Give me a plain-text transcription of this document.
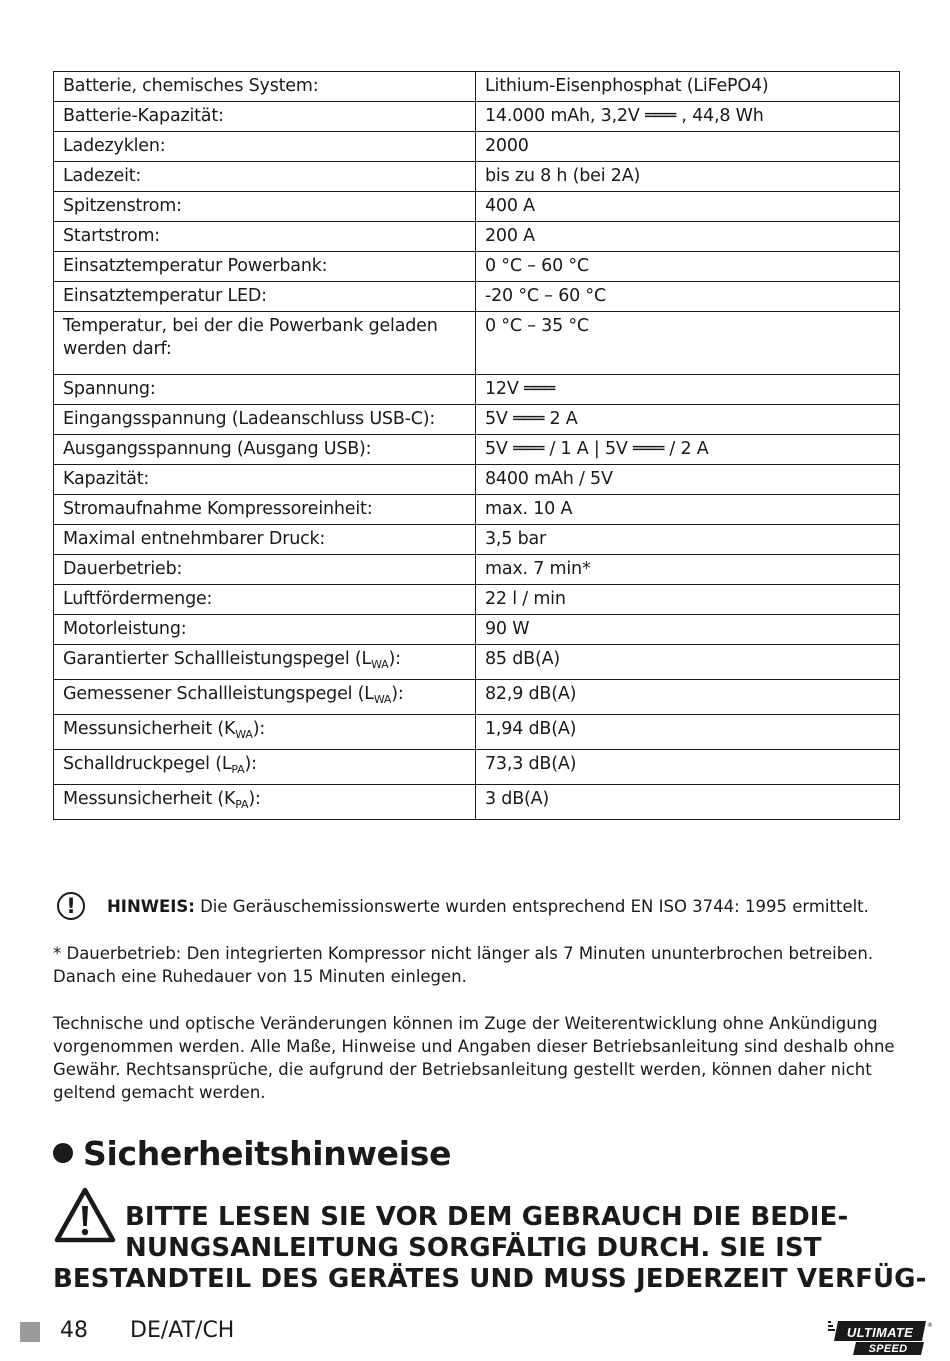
Batterie, chemisches System:	Lithium-Eisenphosphat (LiFePO4)
Batterie-Kapazität:	14.000 mAh, 3,2V ═══ , 44,8 Wh
Ladezyklen:	2000
Ladezeit:	bis zu 8 h (bei 2A)
Spitzenstrom:	400 A
Startstrom:	200 A
Einsatztemperatur Powerbank:	0 °C – 60 °C
Einsatztemperatur LED:	-20 °C – 60 °C
Temperatur, bei der die Powerbank geladen werden darf:	0 °C – 35 °C
Spannung:	12V ═══
Eingangsspannung (Ladeanschluss USB-C):	5V ═══ 2 A
Ausgangsspannung (Ausgang USB):	5V ═══ / 1 A | 5V ═══ / 2 A
Kapazität:	8400 mAh / 5V
Stromaufnahme Kompressoreinheit:	max. 10 A
Maximal entnehmbarer Druck:	3,5 bar
Dauerbetrieb:	max. 7 min*
Luftfördermenge:	22 l / min
Motorleistung:	90 W
Garantierter Schallleistungspegel $(L_{WA})$:	85 dB(A)
Gemessener Schallleistungspegel $(L_{WA})$:	82,9 dB(A)
Messunsicherheit $(K_{WA})$:	1,94 dB(A)
Schalldruckpegel $(L_{PA})$:	73,3 dB(A)
Messunsicherheit $(K_{PA})$:	3 dB(A)
!	HINWEIS: Die Geräuschemissionswerte wurden entsprechend EN ISO 3744: 1995 ermittelt.

* Dauerbetrieb: Den integrierten Kompressor nicht länger als 7 Minuten ununterbrochen betreiben. Danach eine Ruhedauer von 15 Minuten einlegen.

Technische und optische Veränderungen können im Zuge der Weiterentwicklung ohne Ankündigung vorgenommen werden. Alle Maße, Hinweise und Angaben dieser Betriebsanleitung sind deshalb ohne Gewähr. Rechtsansprüche, die aufgrund der Betriebsanleitung gestellt werden, können daher nicht geltend gemacht werden.

Sicherheitshinweise
BITTE LESEN SIE VOR DEM GEBRAUCH DIE BEDIE-
NUNGSANLEITUNG SORGFÄLTIG DURCH. SIE IST
BESTANDTEIL DES GERÄTES UND MUSS JEDERZEIT VERFÜG-
48 DE/AT/CH	ULTIMATE
SPEED
®
